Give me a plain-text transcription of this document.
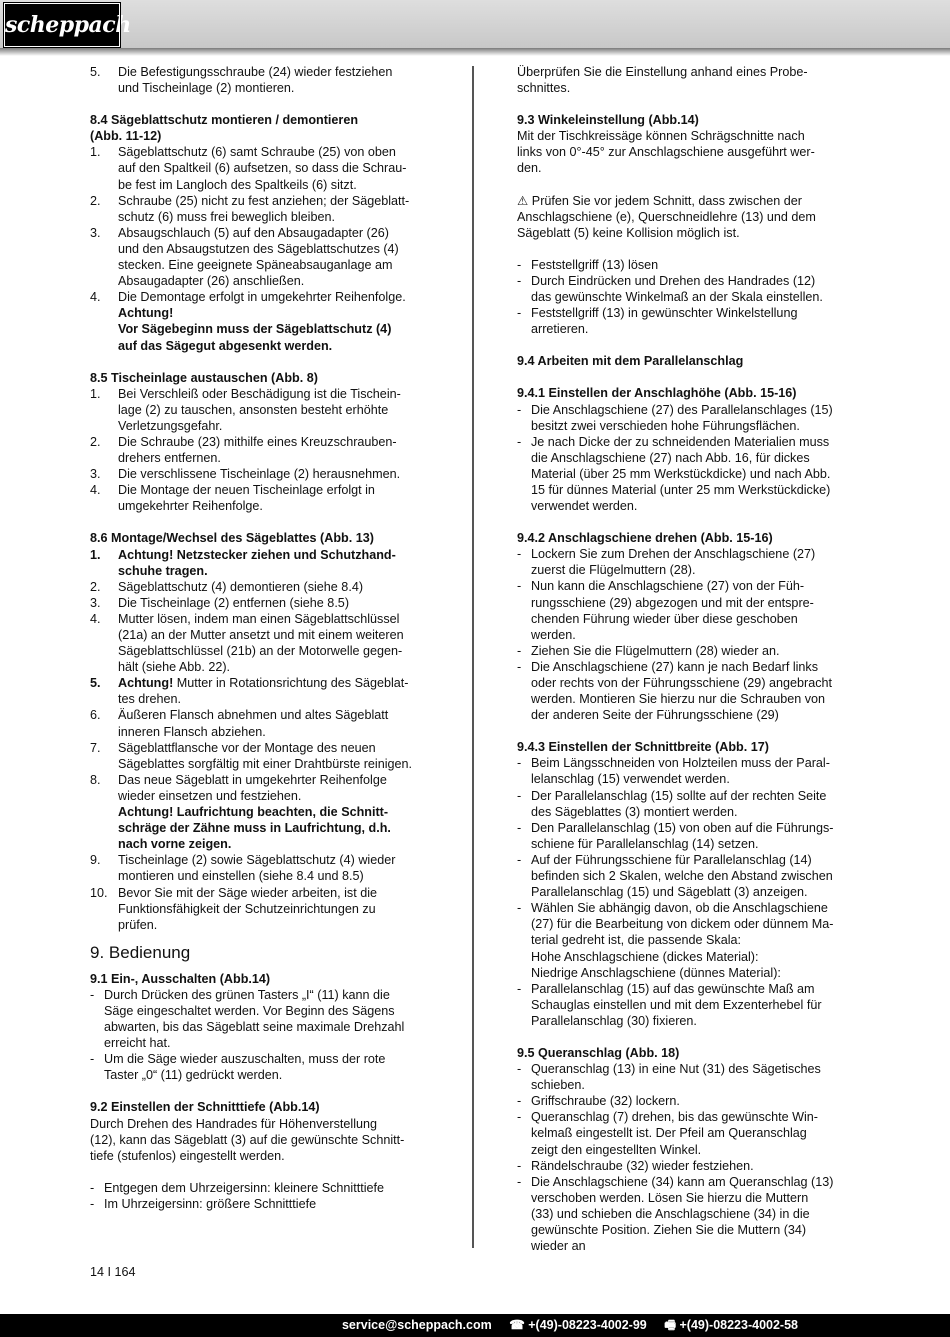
scheppach
5.	Die Befestigungsschraube (24) wieder festziehen
und Tischeinlage (2) montieren.
8.4 Sägeblattschutz montieren / demontieren
(Abb. 11-12)
1.	Sägeblattschutz (6) samt Schraube (25) von oben
auf den Spaltkeil (6) aufsetzen, so dass die Schrau-
be fest im Langloch des Spaltkeils (6) sitzt.
2.	Schraube (25) nicht zu fest anziehen; der Sägeblatt-
schutz (6) muss frei beweglich bleiben.
3.	Absaugschlauch (5) auf den Absaugadapter (26)
und den Absaugstutzen des Sägeblattschutzes (4)
stecken. Eine geeignete Späneabsauganlage am
Absaugadapter (26) anschließen.
4.	Die Demontage erfolgt in umgekehrter Reihenfolge.
Achtung!
Vor Sägebeginn muss der Sägeblattschutz (4)
auf das Sägegut abgesenkt werden.
8.5 Tischeinlage austauschen (Abb. 8)
1.	Bei Verschleiß oder Beschädigung ist die Tischein-
lage (2) zu tauschen, ansonsten besteht erhöhte
Verletzungsgefahr.
2.	Die Schraube (23) mithilfe eines Kreuzschrauben-
drehers entfernen.
3.	Die verschlissene Tischeinlage (2) herausnehmen.
4.	Die Montage der neuen Tischeinlage erfolgt in
umgekehrter Reihenfolge.
8.6 Montage/Wechsel des Sägeblattes (Abb. 13)
1.	Achtung! Netzstecker ziehen und Schutzhand-
schuhe tragen.
2.	Sägeblattschutz (4) demontieren (siehe 8.4)
3.	Die Tischeinlage (2) entfernen (siehe 8.5)
4.	Mutter lösen, indem man einen Sägeblattschlüssel
(21a) an der Mutter ansetzt und mit einem weiteren
Sägeblattschlüssel (21b) an der Motorwelle gegen-
hält (siehe Abb. 22).
5.	Achtung! Mutter in Rotationsrichtung des Sägeblat-
tes drehen.
6.	Äußeren Flansch abnehmen und altes Sägeblatt
inneren Flansch abziehen.
7.	Sägeblattflansche vor der Montage des neuen
Sägeblattes sorgfältig mit einer Drahtbürste reinigen.
8.	Das neue Sägeblatt in umgekehrter Reihenfolge
wieder einsetzen und festziehen.
Achtung! Laufrichtung beachten, die Schnitt-
schräge der Zähne muss in Laufrichtung, d.h.
nach vorne zeigen.
9.	Tischeinlage (2) sowie Sägeblattschutz (4) wieder
montieren und einstellen (siehe 8.4 und 8.5)
10. Bevor Sie mit der Säge wieder arbeiten, ist die
Funktionsfähigkeit der Schutzeinrichtungen zu
prüfen.
9. Bedienung
9.1 Ein-, Ausschalten (Abb.14)
- Durch Drücken des grünen Tasters „I“ (11) kann die
Säge eingeschaltet werden. Vor Beginn des Sägens
abwarten, bis das Sägeblatt seine maximale Drehzahl
erreicht hat.
- Um die Säge wieder auszuschalten, muss der rote
Taster „0“ (11) gedrückt werden.
9.2 Einstellen der Schnitttiefe (Abb.14)
Durch Drehen des Handrades für Höhenverstellung
(12), kann das Sägeblatt (3) auf die gewünschte Schnitt-
tiefe (stufenlos) eingestellt werden.
- Entgegen dem Uhrzeigersinn: kleinere Schnitttiefe
- Im Uhrzeigersinn: größere Schnitttiefe
Überprüfen Sie die Einstellung anhand eines Probe-
schnittes.
9.3 Winkeleinstellung (Abb.14)
Mit der Tischkreissäge können Schrägschnitte nach
links von 0°-45° zur Anschlagschiene ausgeführt wer-
den.
⚠ Prüfen Sie vor jedem Schnitt, dass zwischen der
Anschlagschiene (e), Querschneidlehre (13) und dem
Sägeblatt (5) keine Kollision möglich ist.
- Feststellgriff (13) lösen
- Durch Eindrücken und Drehen des Handrades (12)
das gewünschte Winkelmaß an der Skala einstellen.
- Feststellgriff (13) in gewünschter Winkelstellung
arretieren.
9.4 Arbeiten mit dem Parallelanschlag
9.4.1 Einstellen der Anschlaghöhe (Abb. 15-16)
- Die Anschlagschiene (27) des Parallelanschlages (15)
besitzt zwei verschieden hohe Führungsflächen.
- Je nach Dicke der zu schneidenden Materialien muss
die Anschlagschiene (27) nach Abb. 16, für dickes
Material (über 25 mm Werkstückdicke) und nach Abb.
15 für dünnes Material (unter 25 mm Werkstückdicke)
verwendet werden.
9.4.2 Anschlagschiene drehen (Abb. 15-16)
- Lockern Sie zum Drehen der Anschlagschiene (27)
zuerst die Flügelmuttern (28).
- Nun kann die Anschlagschiene (27) von der Füh-
rungsschiene (29) abgezogen und mit der entspre-
chenden Führung wieder über diese geschoben
werden.
- Ziehen Sie die Flügelmuttern (28) wieder an.
- Die Anschlagschiene (27) kann je nach Bedarf links
oder rechts von der Führungsschiene (29) angebracht
werden. Montieren Sie hierzu nur die Schrauben von
der anderen Seite der Führungsschiene (29)
9.4.3 Einstellen der Schnittbreite (Abb. 17)
- Beim Längsschneiden von Holzteilen muss der Paral-
lelanschlag (15) verwendet werden.
- Der Parallelanschlag (15) sollte auf der rechten Seite
des Sägeblattes (3) montiert werden.
- Den Parallelanschlag (15) von oben auf die Führungs-
schiene für Parallelanschlag (14) setzen.
- Auf der Führungsschiene für Parallelanschlag (14)
befinden sich 2 Skalen, welche den Abstand zwischen
Parallelanschlag (15) und Sägeblatt (3) anzeigen.
- Wählen Sie abhängig davon, ob die Anschlagschiene
(27) für die Bearbeitung von dickem oder dünnem Ma-
terial gedreht ist, die passende Skala:
Hohe Anschlagschiene (dickes Material):
Niedrige Anschlagschiene (dünnes Material):
- Parallelanschlag (15) auf das gewünschte Maß am
Schauglas einstellen und mit dem Exzenterhebel für
Parallelanschlag (30) fixieren.
9.5 Queranschlag (Abb. 18)
- Queranschlag (13) in eine Nut (31) des Sägetisches
schieben.
- Griffschraube (32) lockern.
- Queranschlag (7) drehen, bis das gewünschte Win-
kelmaß eingestellt ist. Der Pfeil am Queranschlag
zeigt den eingestellten Winkel.
- Rändelschraube (32) wieder festziehen.
- Die Anschlagschiene (34) kann am Queranschlag (13)
verschoben werden. Lösen Sie hierzu die Muttern
(33) und schieben die Anschlagschiene (34) in die
gewünschte Position. Ziehen Sie die Muttern (34)
wieder an
14 I 164
service@scheppach.com ☎ +(49)-08223-4002-99 🖷 +(49)-08223-4002-58
